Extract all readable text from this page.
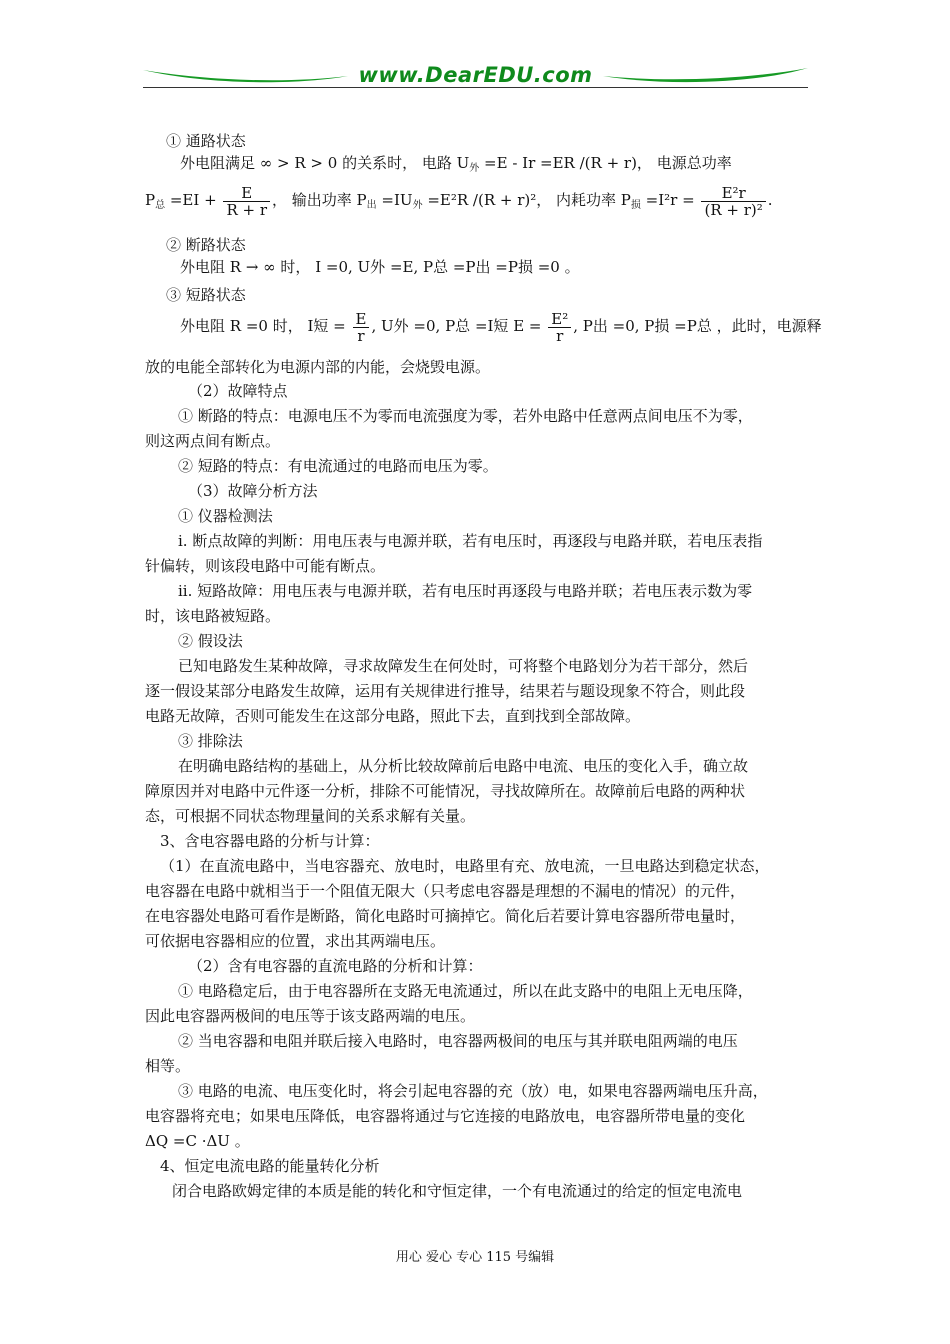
www.DearEDU.com
① 通路状态
外电阻满足 ∞ > R > 0 的关系时， 电路 $U_外 =E - Ir =ER$ /(R + r)， 电源总功率
$P_总 =EI + \frac{E}{R + r}$ ， 输出功率 $P_出 =IU_外 =E^2R$ /(R + r)²， 内耗功率 $P_损 =I^2r = \frac{\text{E²r}}{\text{(R + r)²}}$ .
② 断路状态
外电阻 R → ∞ 时， I =0, U外 =E, P总 =P出 =P损 =0 。
③ 短路状态
外电阻 R =0 时， I短 = $\frac{E}{r}$ , U外 =0, P总 =I短 $E = \frac{\text{E²}}{r}$ , P出 =0, P损 =P总 ，此时，电源释
放的电能全部转化为电源内部的内能，会烧毁电源。
（2）故障特点
① 断路的特点：电源电压不为零而电流强度为零，若外电路中任意两点间电压不为零，
则这两点间有断点。
② 短路的特点：有电流通过的电路而电压为零。
（3）故障分析方法
① 仪器检测法
i. 断点故障的判断：用电压表与电源并联，若有电压时，再逐段与电路并联，若电压表指
针偏转，则该段电路中可能有断点。
ii. 短路故障：用电压表与电源并联，若有电压时再逐段与电路并联；若电压表示数为零
时，该电路被短路。
② 假设法
已知电路发生某种故障，寻求故障发生在何处时，可将整个电路划分为若干部分，然后
逐一假设某部分电路发生故障，运用有关规律进行推导，结果若与题设现象不符合，则此段
电路无故障，否则可能发生在这部分电路，照此下去，直到找到全部故障。
③ 排除法
在明确电路结构的基础上，从分析比较故障前后电路中电流、电压的变化入手，确立故
障原因并对电路中元件逐一分析，排除不可能情况，寻找故障所在。故障前后电路的两种状
态，可根据不同状态物理量间的关系求解有关量。
3、含电容器电路的分析与计算：
（1）在直流电路中，当电容器充、放电时，电路里有充、放电流，一旦电路达到稳定状态，
电容器在电路中就相当于一个阻值无限大（只考虑电容器是理想的不漏电的情况）的元件，
在电容器处电路可看作是断路，简化电路时可摘掉它。简化后若要计算电容器所带电量时，
可依据电容器相应的位置，求出其两端电压。
（2）含有电容器的直流电路的分析和计算：
① 电路稳定后，由于电容器所在支路无电流通过，所以在此支路中的电阻上无电压降，
因此电容器两极间的电压等于该支路两端的电压。
② 当电容器和电阻并联后接入电路时，电容器两极间的电压与其并联电阻两端的电压
相等。
③ 电路的电流、电压变化时，将会引起电容器的充（放）电，如果电容器两端电压升高，
电容器将充电；如果电压降低，电容器将通过与它连接的电路放电，电容器所带电量的变化
ΔQ =C ·ΔU 。
4、恒定电流电路的能量转化分析
闭合电路欧姆定律的本质是能的转化和守恒定律，一个有电流通过的给定的恒定电流电
用心 爱心 专心 115 号编辑
